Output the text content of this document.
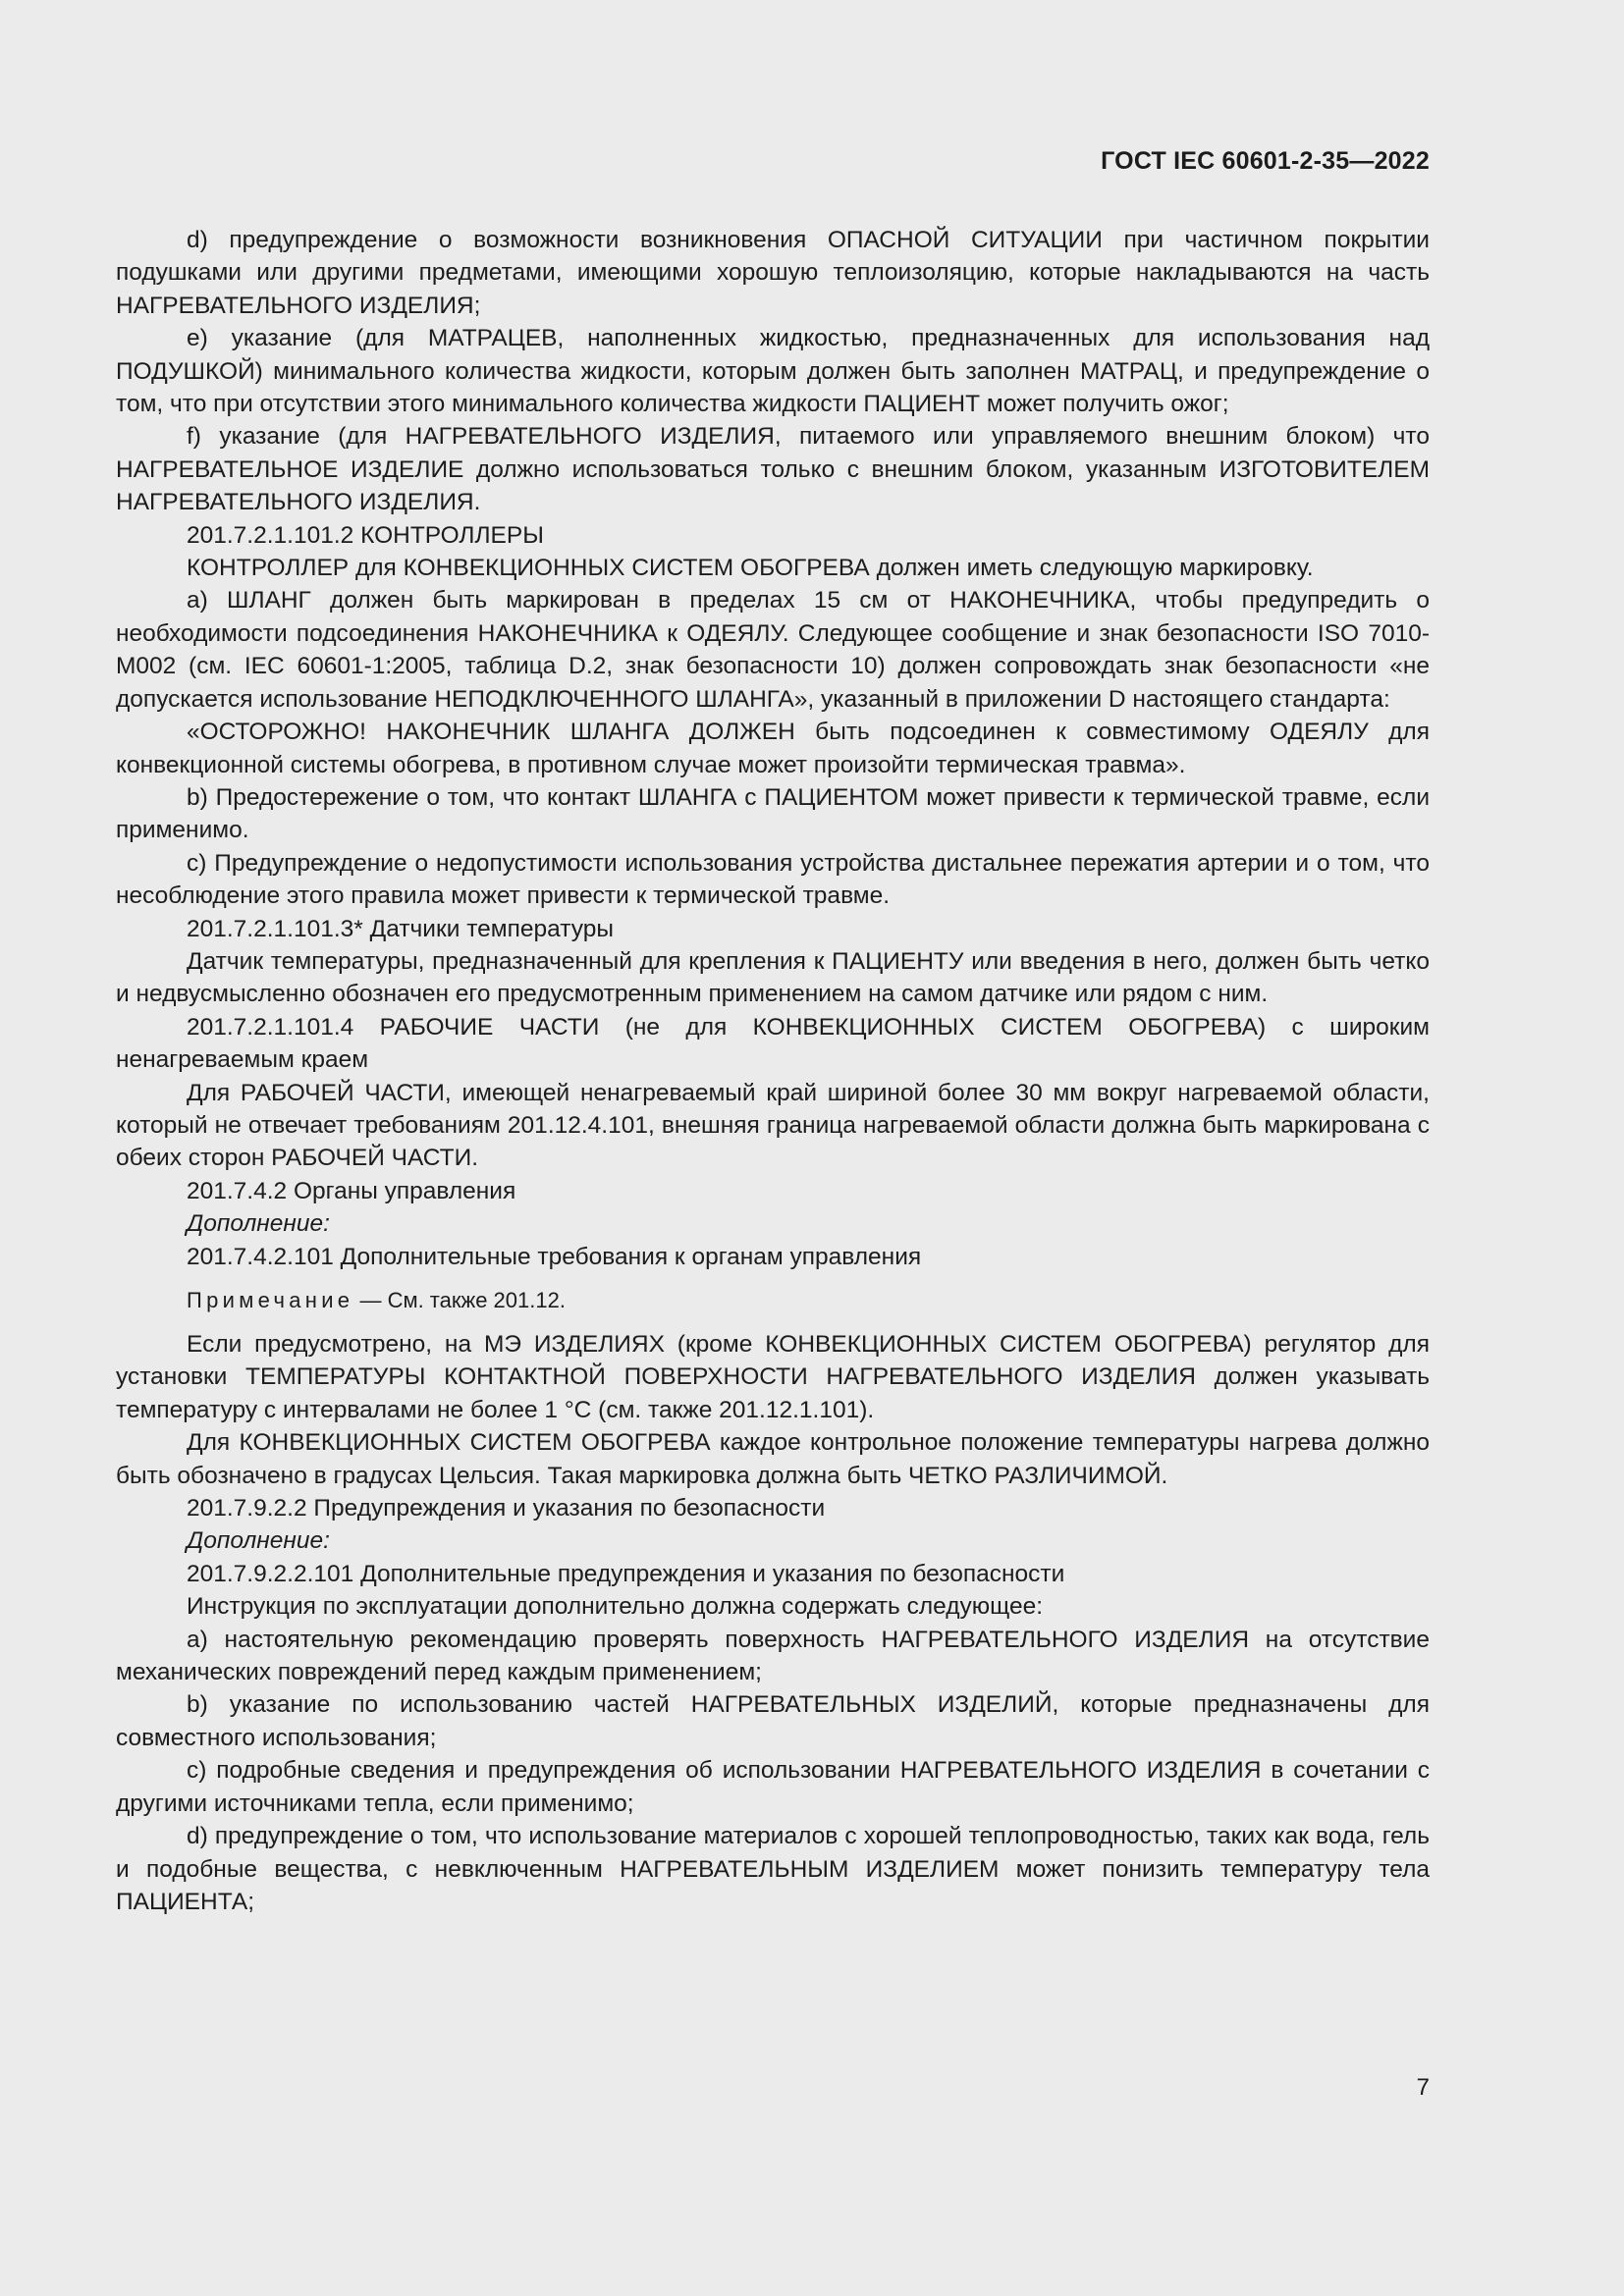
ГОСТ IEC 60601-2-35—2022

d) предупреждение о возможности возникновения ОПАСНОЙ СИТУАЦИИ при частичном покрытии подушками или другими предметами, имеющими хорошую теплоизоляцию, которые накладываются на часть НАГРЕВАТЕЛЬНОГО ИЗДЕЛИЯ;

e) указание (для МАТРАЦЕВ, наполненных жидкостью, предназначенных для использования над ПОДУШКОЙ) минимального количества жидкости, которым должен быть заполнен МАТРАЦ, и предупреждение о том, что при отсутствии этого минимального количества жидкости ПАЦИЕНТ может получить ожог;

f) указание (для НАГРЕВАТЕЛЬНОГО ИЗДЕЛИЯ, питаемого или управляемого внешним блоком) что НАГРЕВАТЕЛЬНОЕ ИЗДЕЛИЕ должно использоваться только с внешним блоком, указанным ИЗГОТОВИТЕЛЕМ НАГРЕВАТЕЛЬНОГО ИЗДЕЛИЯ.

201.7.2.1.101.2 КОНТРОЛЛЕРЫ

КОНТРОЛЛЕР для КОНВЕКЦИОННЫХ СИСТЕМ ОБОГРЕВА должен иметь следующую маркировку.

a) ШЛАНГ должен быть маркирован в пределах 15 см от НАКОНЕЧНИКА, чтобы предупредить о необходимости подсоединения НАКОНЕЧНИКА к ОДЕЯЛУ. Следующее сообщение и знак безопасности ISO 7010-M002 (см. IEC 60601-1:2005, таблица D.2, знак безопасности 10) должен сопровождать знак безопасности «не допускается использование НЕПОДКЛЮЧЕННОГО ШЛАНГА», указанный в приложении D настоящего стандарта:

«ОСТОРОЖНО! НАКОНЕЧНИК ШЛАНГА ДОЛЖЕН быть подсоединен к совместимому ОДЕЯЛУ для конвекционной системы обогрева, в противном случае может произойти термическая травма».

b) Предостережение о том, что контакт ШЛАНГА с ПАЦИЕНТОМ может привести к термической травме, если применимо.

c) Предупреждение о недопустимости использования устройства дистальнее пережатия артерии и о том, что несоблюдение этого правила может привести к термической травме.

201.7.2.1.101.3* Датчики температуры

Датчик температуры, предназначенный для крепления к ПАЦИЕНТУ или введения в него, должен быть четко и недвусмысленно обозначен его предусмотренным применением на самом датчике или рядом с ним.

201.7.2.1.101.4 РАБОЧИЕ ЧАСТИ (не для КОНВЕКЦИОННЫХ СИСТЕМ ОБОГРЕВА) с широким ненагреваемым краем

Для РАБОЧЕЙ ЧАСТИ, имеющей ненагреваемый край шириной более 30 мм вокруг нагреваемой области, который не отвечает требованиям 201.12.4.101, внешняя граница нагреваемой области должна быть маркирована с обеих сторон РАБОЧЕЙ ЧАСТИ.

201.7.4.2 Органы управления

Дополнение:

201.7.4.2.101 Дополнительные требования к органам управления

Примечание — См. также 201.12.

Если предусмотрено, на МЭ ИЗДЕЛИЯХ (кроме КОНВЕКЦИОННЫХ СИСТЕМ ОБОГРЕВА) регулятор для установки ТЕМПЕРАТУРЫ КОНТАКТНОЙ ПОВЕРХНОСТИ НАГРЕВАТЕЛЬНОГО ИЗДЕЛИЯ должен указывать температуру с интервалами не более 1 °С (см. также 201.12.1.101).

Для КОНВЕКЦИОННЫХ СИСТЕМ ОБОГРЕВА каждое контрольное положение температуры нагрева должно быть обозначено в градусах Цельсия. Такая маркировка должна быть ЧЕТКО РАЗЛИЧИМОЙ.

201.7.9.2.2 Предупреждения и указания по безопасности

Дополнение:

201.7.9.2.2.101 Дополнительные предупреждения и указания по безопасности

Инструкция по эксплуатации дополнительно должна содержать следующее:

a) настоятельную рекомендацию проверять поверхность НАГРЕВАТЕЛЬНОГО ИЗДЕЛИЯ на отсутствие механических повреждений перед каждым применением;

b) указание по использованию частей НАГРЕВАТЕЛЬНЫХ ИЗДЕЛИЙ, которые предназначены для совместного использования;

c) подробные сведения и предупреждения об использовании НАГРЕВАТЕЛЬНОГО ИЗДЕЛИЯ в сочетании с другими источниками тепла, если применимо;

d) предупреждение о том, что использование материалов с хорошей теплопроводностью, таких как вода, гель и подобные вещества, с невключенным НАГРЕВАТЕЛЬНЫМ ИЗДЕЛИЕМ может понизить температуру тела ПАЦИЕНТА;

7
